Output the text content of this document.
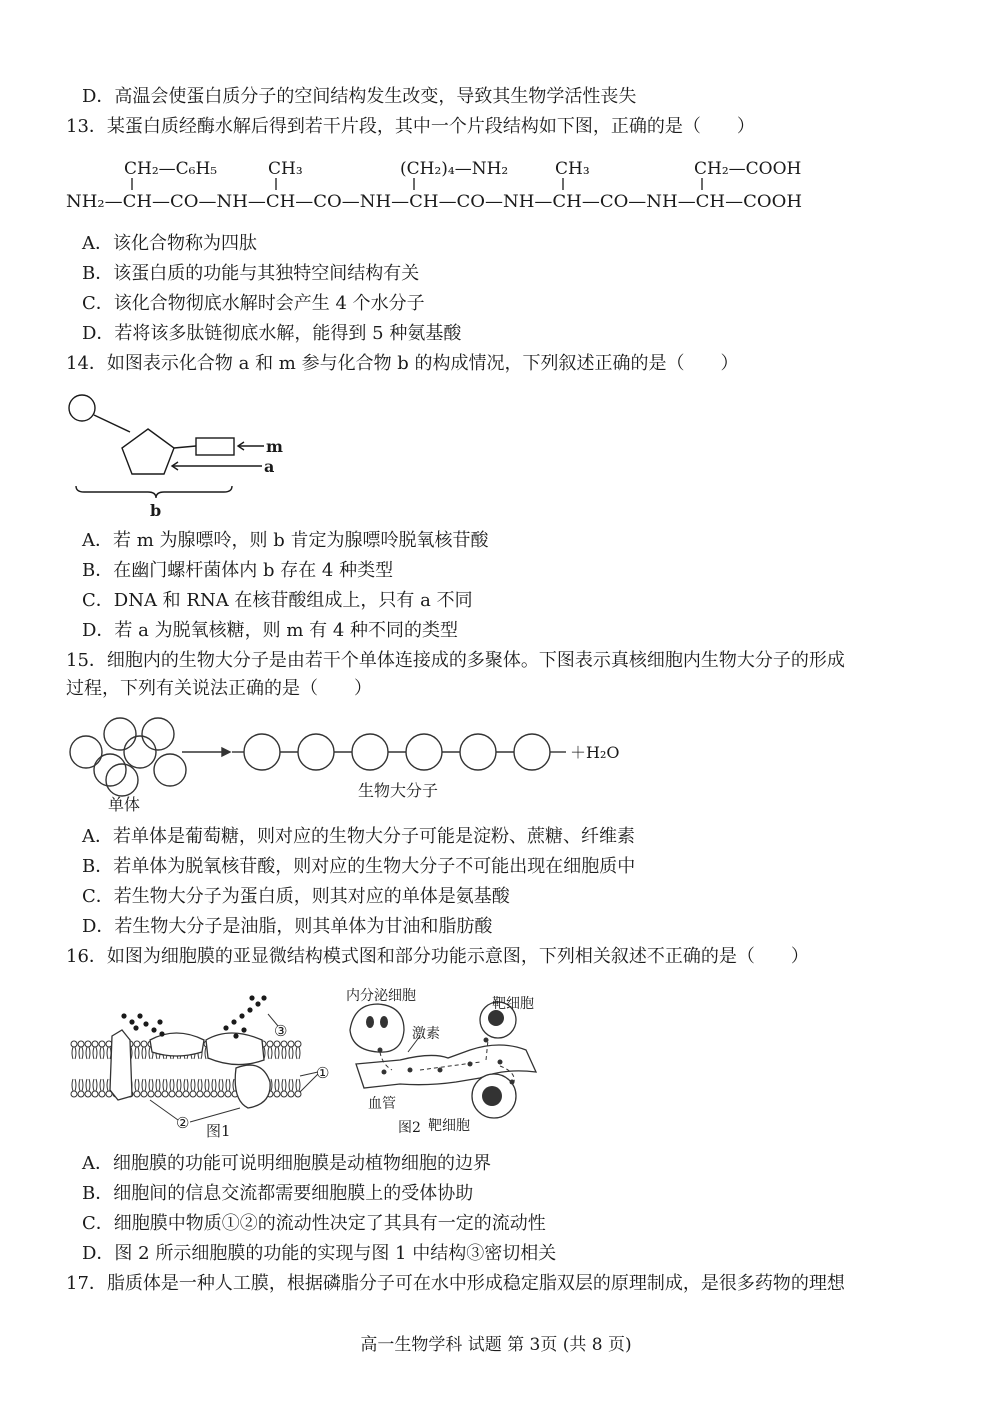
D．高温会使蛋白质分子的空间结构发生改变，导致其生物学活性丧失
13．某蛋白质经酶水解后得到若干片段，其中一个片段结构如下图，正确的是（　　）
CH₂—C₆H₅	CH₃	(CH₂)₄—NH₂	CH₃	CH₂—COOH
NH₂—CH—CO—NH—CH—CO—NH—CH—CO—NH—CH—CO—NH—CH—COOH
m
a
b
＋H₂O
单体
生物大分子
③
①
② 图1
内分泌细胞
激素
靶细胞
血管
图2 靶细胞
A．该化合物称为四肽
B．该蛋白质的功能与其独特空间结构有关
C．该化合物彻底水解时会产生 4 个水分子
D．若将该多肽链彻底水解，能得到 5 种氨基酸
14．如图表示化合物 a 和 m 参与化合物 b 的构成情况，下列叙述正确的是（　　）
A．若 m 为腺嘌呤，则 b 肯定为腺嘌呤脱氧核苷酸
B．在幽门螺杆菌体内 b 存在 4 种类型
C．DNA 和 RNA 在核苷酸组成上，只有 a 不同
D．若 a 为脱氧核糖，则 m 有 4 种不同的类型
15．细胞内的生物大分子是由若干个单体连接成的多聚体。下图表示真核细胞内生物大分子的形成
过程，下列有关说法正确的是（　　）
A．若单体是葡萄糖，则对应的生物大分子可能是淀粉、蔗糖、纤维素
B．若单体为脱氧核苷酸，则对应的生物大分子不可能出现在细胞质中
C．若生物大分子为蛋白质，则其对应的单体是氨基酸
D．若生物大分子是油脂，则其单体为甘油和脂肪酸
16．如图为细胞膜的亚显微结构模式图和部分功能示意图，下列相关叙述不正确的是（　　）
A．细胞膜的功能可说明细胞膜是动植物细胞的边界
B．细胞间的信息交流都需要细胞膜上的受体协助
C．细胞膜中物质①②的流动性决定了其具有一定的流动性
D．图 2 所示细胞膜的功能的实现与图 1 中结构③密切相关
17．脂质体是一种人工膜，根据磷脂分子可在水中形成稳定脂双层的原理制成，是很多药物的理想
高一生物学科 试题 第 3页 (共 8 页)
